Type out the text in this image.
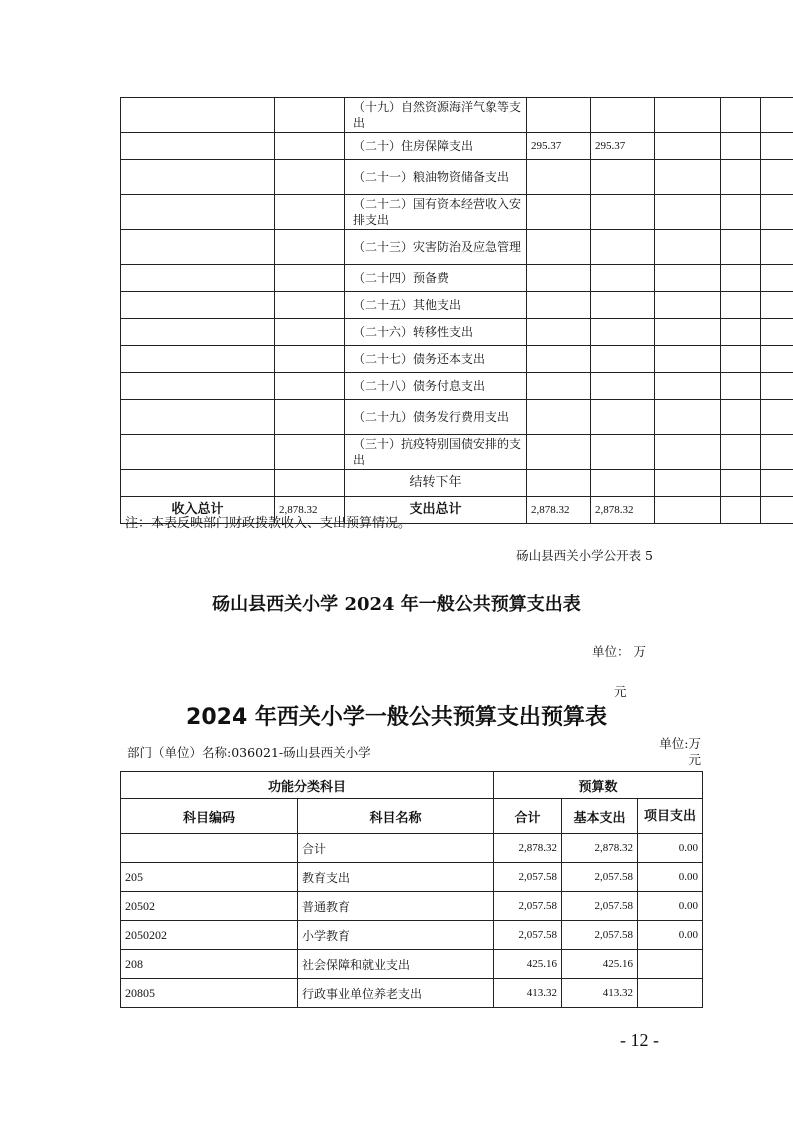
		（十九）自然资源海洋气象等支出					
		（二十）住房保障支出	295.37	295.37			
		（二十一）粮油物资储备支出					
		（二十二）国有资本经营收入安排支出					
		（二十三）灾害防治及应急管理					
		（二十四）预备费					
		（二十五）其他支出					
		（二十六）转移性支出					
		（二十七）债务还本支出					
		（二十八）债务付息支出					
		（二十九）债务发行费用支出					
		（三十）抗疫特别国债安排的支出					
		结转下年					
收入总计	2,878.32	支出总计	2,878.32	2,878.32			
注：本表反映部门财政拨款收入、支出预算情况。
砀山县西关小学公开表 5
砀山县西关小学 2024 年一般公共预算支出表
单位： 万
元
2024 年西关小学一般公共预算支出预算表
部门（单位）名称:036021-砀山县西关小学
单位:万元
功能分类科目		预算数		
科目编码	科目名称	合计	基本支出	项目支出
	合计	2,878.32	2,878.32	0.00
205	教育支出	2,057.58	2,057.58	0.00
20502	普通教育	2,057.58	2,057.58	0.00
2050202	小学教育	2,057.58	2,057.58	0.00
208	社会保障和就业支出	425.16	425.16	
20805	行政事业单位养老支出	413.32	413.32	
- 12 -
